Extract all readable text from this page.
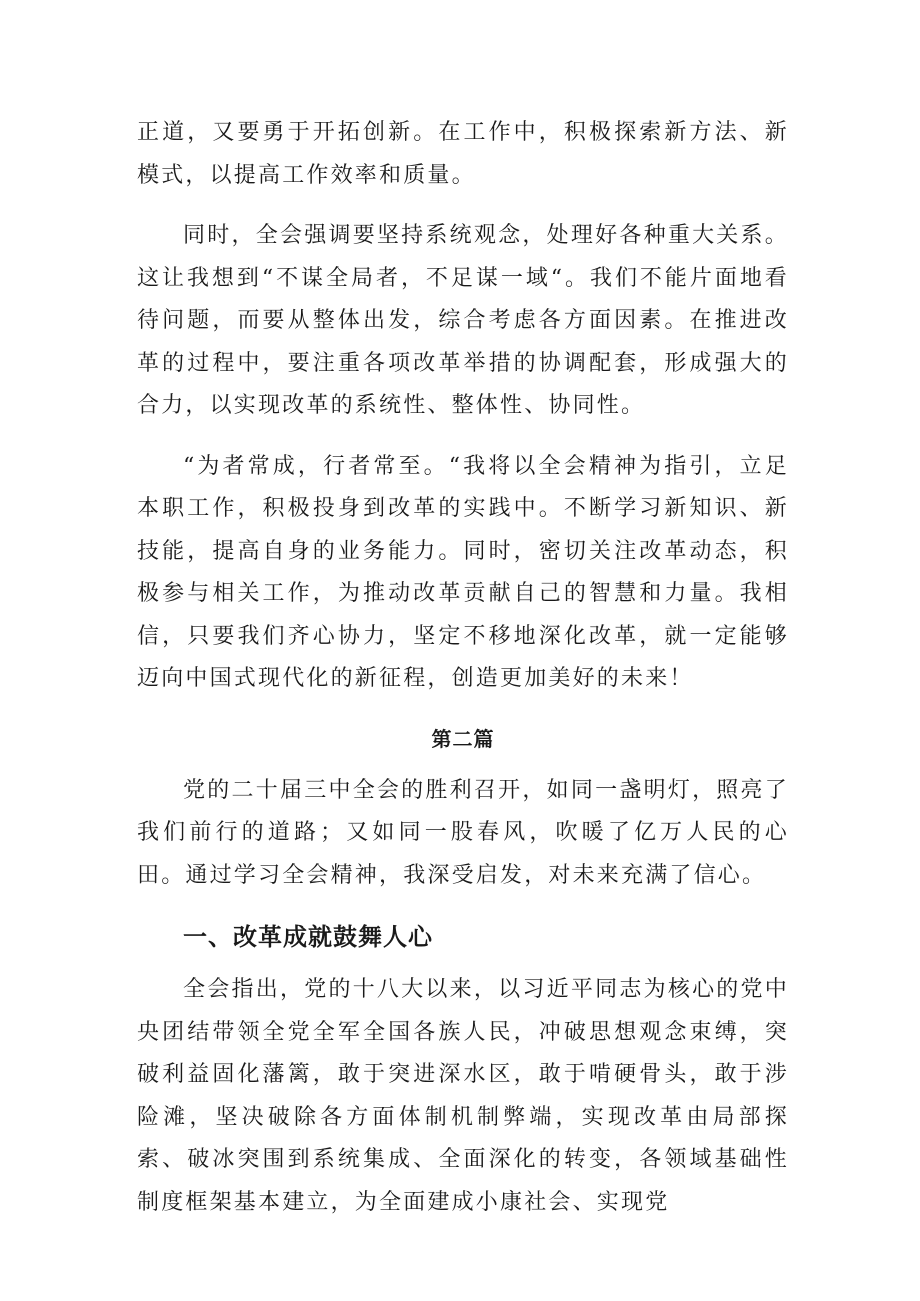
正道，又要勇于开拓创新。在工作中，积极探索新方法、新模式，以提高工作效率和质量。

同时，全会强调要坚持系统观念，处理好各种重大关系。这让我想到“不谋全局者，不足谋一域“。我们不能片面地看待问题，而要从整体出发，综合考虑各方面因素。在推进改革的过程中，要注重各项改革举措的协调配套，形成强大的合力，以实现改革的系统性、整体性、协同性。

“为者常成，行者常至。“我将以全会精神为指引，立足本职工作，积极投身到改革的实践中。不断学习新知识、新技能，提高自身的业务能力。同时，密切关注改革动态，积极参与相关工作，为推动改革贡献自己的智慧和力量。我相信，只要我们齐心协力，坚定不移地深化改革，就一定能够迈向中国式现代化的新征程，创造更加美好的未来！

第二篇

党的二十届三中全会的胜利召开，如同一盏明灯，照亮了我们前行的道路；又如同一股春风，吹暖了亿万人民的心田。通过学习全会精神，我深受启发，对未来充满了信心。

一、改革成就鼓舞人心

全会指出，党的十八大以来，以习近平同志为核心的党中央团结带领全党全军全国各族人民，冲破思想观念束缚，突破利益固化藩篱，敢于突进深水区，敢于啃硬骨头，敢于涉险滩，坚决破除各方面体制机制弊端，实现改革由局部探索、破冰突围到系统集成、全面深化的转变，各领域基础性制度框架基本建立，为全面建成小康社会、实现党
